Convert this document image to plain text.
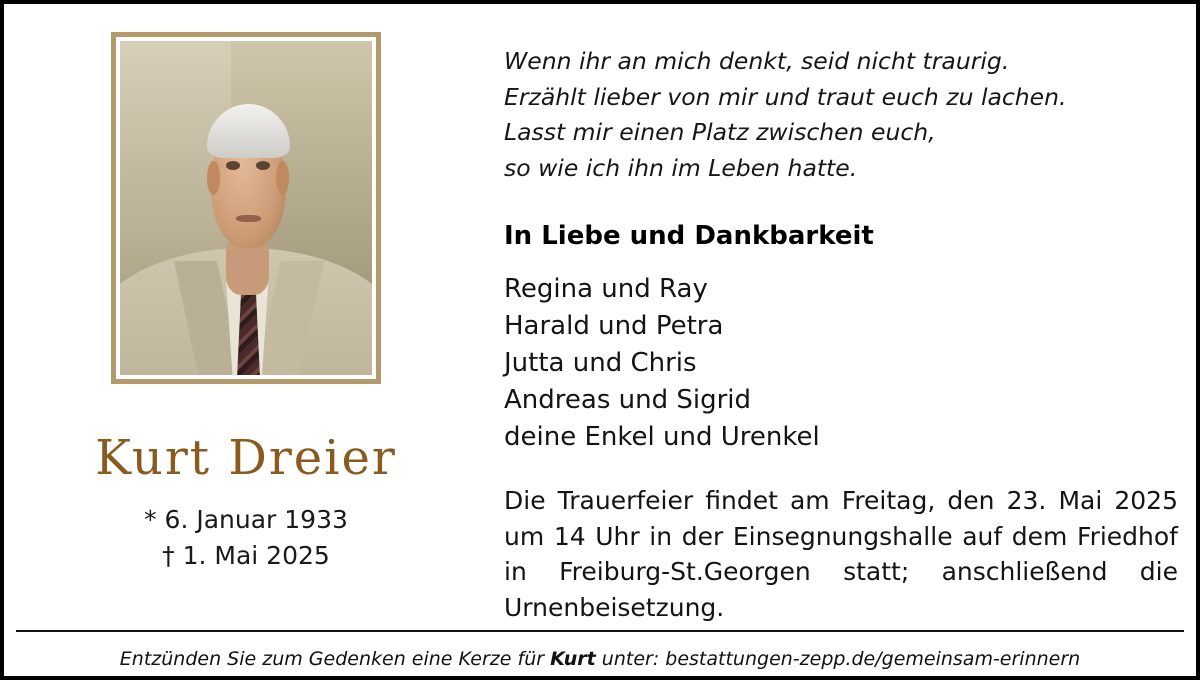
Kurt Dreier
* 6. Januar 1933
† 1. Mai 2025
Wenn ihr an mich denkt, seid nicht traurig.
Erzählt lieber von mir und traut euch zu lachen.
Lasst mir einen Platz zwischen euch,
so wie ich ihn im Leben hatte.
In Liebe und Dankbarkeit
Regina und Ray
Harald und Petra
Jutta und Chris
Andreas und Sigrid
deine Enkel und Urenkel
Die Trauerfeier findet am Freitag, den 23. Mai 2025 um 14 Uhr in der Einsegnungshalle auf dem Friedhof in Freiburg-St.Georgen statt; anschließend die Urnenbeisetzung.
Entzünden Sie zum Gedenken eine Kerze für Kurt unter: bestattungen-zepp.de/gemeinsam-erinnern
